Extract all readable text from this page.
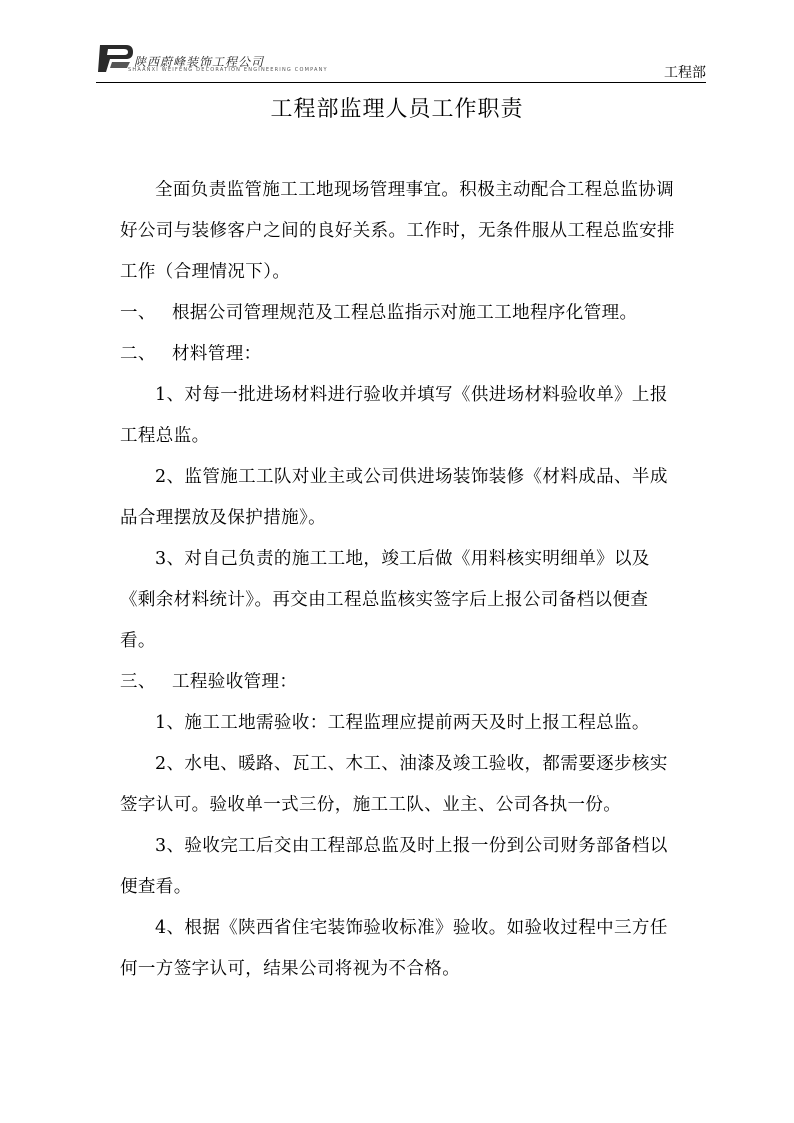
陕西蔚峰装饰工程公司
SHAANXI WEIFENG DECORATION ENGINEERING COMPANY	工程部
工程部监理人员工作职责

全面负责监管施工工地现场管理事宜。积极主动配合工程总监协调好公司与装修客户之间的良好关系。工作时，无条件服从工程总监安排工作（合理情况下）。

一、 根据公司管理规范及工程总监指示对施工工地程序化管理。

二、 材料管理：

1、对每一批进场材料进行验收并填写《供进场材料验收单》上报工程总监。

2、监管施工工队对业主或公司供进场装饰装修《材料成品、半成品合理摆放及保护措施》。

3、对自己负责的施工工地，竣工后做《用料核实明细单》以及《剩余材料统计》。再交由工程总监核实签字后上报公司备档以便查看。

三、 工程验收管理：

1、施工工地需验收：工程监理应提前两天及时上报工程总监。

2、水电、暖路、瓦工、木工、油漆及竣工验收，都需要逐步核实签字认可。验收单一式三份，施工工队、业主、公司各执一份。

3、验收完工后交由工程部总监及时上报一份到公司财务部备档以便查看。

4、根据《陕西省住宅装饰验收标准》验收。如验收过程中三方任何一方签字认可，结果公司将视为不合格。
